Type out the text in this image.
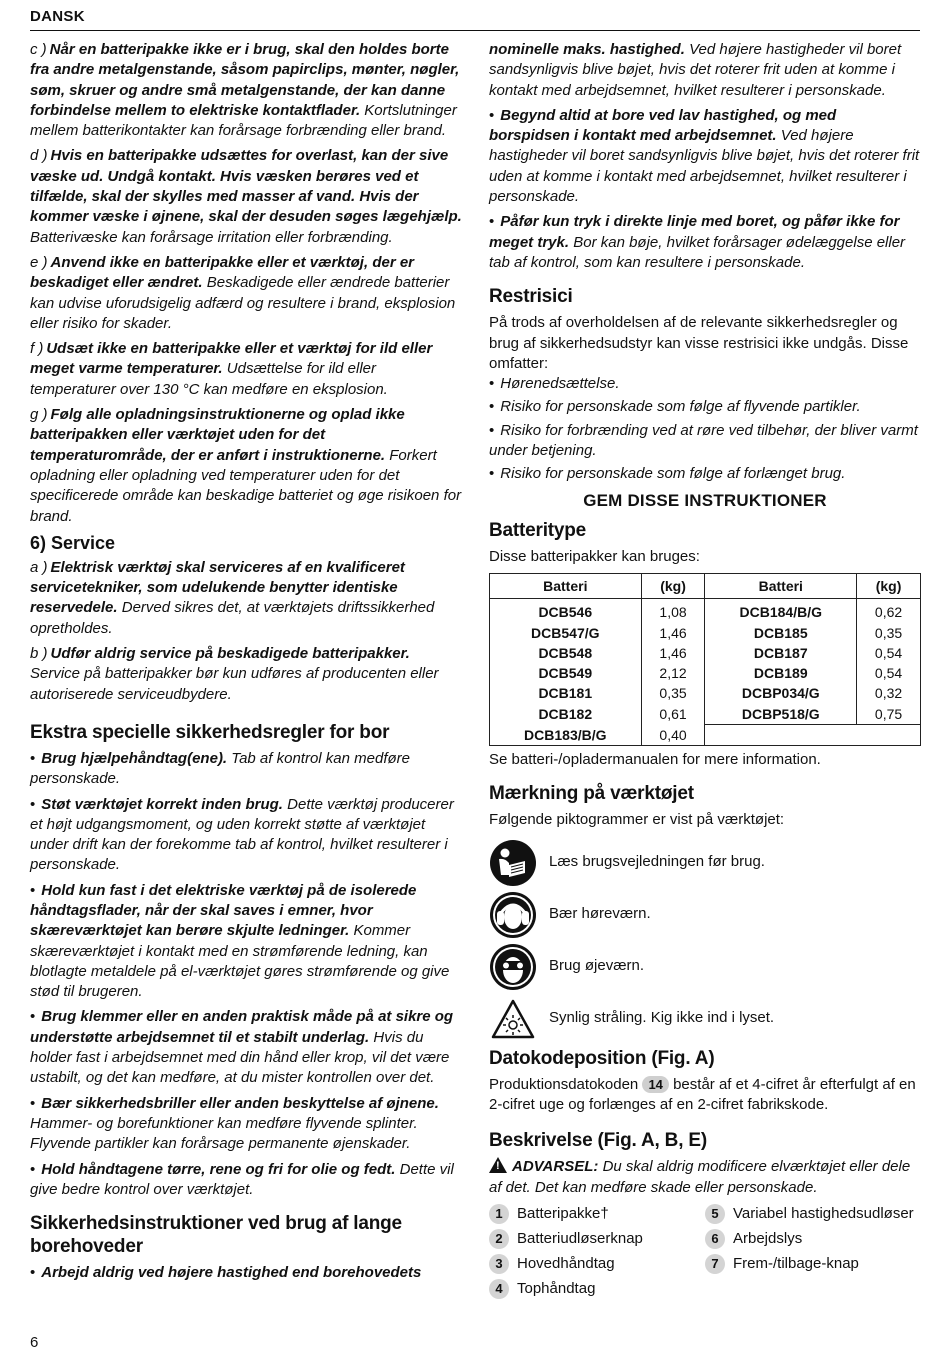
DANSK

c ) Når en batteripakke ikke er i brug, skal den holdes borte fra andre metalgenstande, såsom papirclips, mønter, nøgler, søm, skruer og andre små metalgenstande, der kan danne forbindelse mellem to elektriske kontaktflader. Kortslutninger mellem batterikontakter kan forårsage forbrænding eller brand.

d ) Hvis en batteripakke udsættes for overlast, kan der sive væske ud. Undgå kontakt. Hvis væsken berøres ved et tilfælde, skal der skylles med masser af vand. Hvis der kommer væske i øjnene, skal der desuden søges lægehjælp. Batterivæske kan forårsage irritation eller forbrænding.

e ) Anvend ikke en batteripakke eller et værktøj, der er beskadiget eller ændret. Beskadigede eller ændrede batterier kan udvise uforudsigelig adfærd og resultere i brand, eksplosion eller risiko for skader.

f ) Udsæt ikke en batteripakke eller et værktøj for ild eller meget varme temperaturer. Udsættelse for ild eller temperaturer over 130 °C kan medføre en eksplosion.

g ) Følg alle opladningsinstruktionerne og oplad ikke batteripakken eller værktøjet uden for det temperaturområde, der er anført i instruktionerne. Forkert opladning eller opladning ved temperaturer uden for det specificerede område kan beskadige batteriet og øge risikoen for brand.

6) Service

a ) Elektrisk værktøj skal serviceres af en kvalificeret servicetekniker, som udelukende benytter identiske reservedele. Derved sikres det, at værktøjets driftssikkerhed opretholdes.

b ) Udfør aldrig service på beskadigede batteripakker. Service på batteripakker bør kun udføres af producenten eller autoriserede serviceudbydere.

Ekstra specielle sikkerhedsregler for bor

• Brug hjælpehåndtag(ene). Tab af kontrol kan medføre personskade.

• Støt værktøjet korrekt inden brug. Dette værktøj producerer et højt udgangsmoment, og uden korrekt støtte af værktøjet under drift kan der forekomme tab af kontrol, hvilket resulterer i personskade.

• Hold kun fast i det elektriske værktøj på de isolerede håndtagsflader, når der skal saves i emner, hvor skæreværktøjet kan berøre skjulte ledninger. Kommer skæreværktøjet i kontakt med en strømførende ledning, kan blotlagte metaldele på el-værktøjet gøres strømførende og give stød til brugeren.

• Brug klemmer eller en anden praktisk måde på at sikre og understøtte arbejdsemnet til et stabilt underlag. Hvis du holder fast i arbejdsemnet med din hånd eller krop, vil det være ustabilt, og det kan medføre, at du mister kontrollen over det.

• Bær sikkerhedsbriller eller anden beskyttelse af øjnene. Hammer- og borefunktioner kan medføre flyvende splinter. Flyvende partikler kan forårsage permanente øjenskader.

• Hold håndtagene tørre, rene og fri for olie og fedt. Dette vil give bedre kontrol over værktøjet.

Sikkerhedsinstruktioner ved brug af lange borehoveder

• Arbejd aldrig ved højere hastighed end borehovedets

nominelle maks. hastighed. Ved højere hastigheder vil boret sandsynligvis blive bøjet, hvis det roterer frit uden at komme i kontakt med arbejdsemnet, hvilket resulterer i personskade.

• Begynd altid at bore ved lav hastighed, og med borspidsen i kontakt med arbejdsemnet. Ved højere hastigheder vil boret sandsynligvis blive bøjet, hvis det roterer frit uden at komme i kontakt med arbejdsemnet, hvilket resulterer i personskade.

• Påfør kun tryk i direkte linje med boret, og påfør ikke for meget tryk. Bor kan bøje, hvilket forårsager ødelæggelse eller tab af kontrol, som kan resultere i personskade.

Restrisici

På trods af overholdelsen af de relevante sikkerhedsregler og brug af sikkerhedsudstyr kan visse restrisici ikke undgås. Disse omfatter:

• Hørenedsættelse.

• Risiko for personskade som følge af flyvende partikler.

• Risiko for forbrænding ved at røre ved tilbehør, der bliver varmt under betjening.

• Risiko for personskade som følge af forlænget brug.

GEM DISSE INSTRUKTIONER
Batteritype

Disse batteripakker kan bruges:

Batteri	(kg)	Batteri	(kg)
DCB546	1,08	DCB184/B/G	0,62
DCB547/G	1,46	DCB185	0,35
DCB548	1,46	DCB187	0,54
DCB549	2,12	DCB189	0,54
DCB181	0,35	DCBP034/G	0,32
DCB182	0,61	DCBP518/G	0,75
DCB183/B/G	0,40		

Se batteri-/opladermanualen for mere information.

Mærkning på værktøjet

Følgende piktogrammer er vist på værktøjet:

Læs brugsvejledningen før brug.
Bær høreværn.
Brug øjeværn.
Synlig stråling. Kig ikke ind i lyset.
Datokodeposition (Fig. A)

Produktionsdatokoden 14 består af et 4-cifret år efterfulgt af en 2-cifret uge og forlænges af en 2-cifret fabrikskode.

Beskrivelse (Fig. A, B, E)

! ADVARSEL: Du skal aldrig modificere elværktøjet eller dele af det. Det kan medføre skade eller personskade.

1 Batteripakke†
2 Batteriudløserknap
3 Hovedhåndtag
4 Tophåndtag
5 Variabel hastighedsudløser
6 Arbejdslys
7 Frem-/tilbage-knap
6
